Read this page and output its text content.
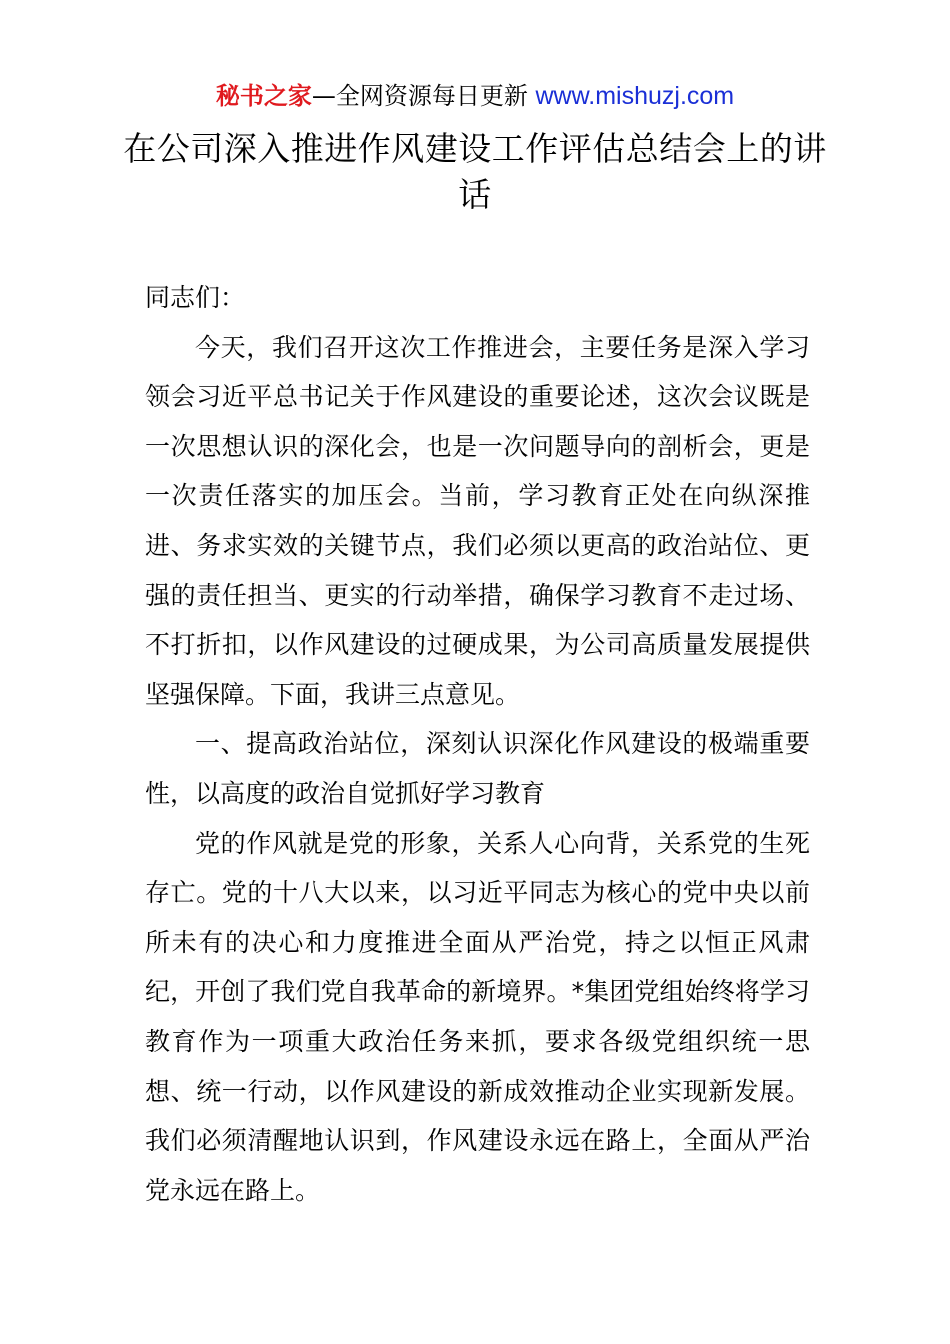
秘书之家—全网资源每日更新 www.mishuzj.com
在公司深入推进作风建设工作评估总结会上的讲话

同志们：

今天，我们召开这次工作推进会，主要任务是深入学习领会习近平总书记关于作风建设的重要论述，这次会议既是一次思想认识的深化会，也是一次问题导向的剖析会，更是一次责任落实的加压会。当前，学习教育正处在向纵深推进、务求实效的关键节点，我们必须以更高的政治站位、更强的责任担当、更实的行动举措，确保学习教育不走过场、不打折扣，以作风建设的过硬成果，为公司高质量发展提供坚强保障。下面，我讲三点意见。

一、提高政治站位，深刻认识深化作风建设的极端重要性，以高度的政治自觉抓好学习教育

党的作风就是党的形象，关系人心向背，关系党的生死存亡。党的十八大以来，以习近平同志为核心的党中央以前所未有的决心和力度推进全面从严治党，持之以恒正风肃纪，开创了我们党自我革命的新境界。*集团党组始终将学习教育作为一项重大政治任务来抓，要求各级党组织统一思想、统一行动，以作风建设的新成效推动企业实现新发展。我们必须清醒地认识到，作风建设永远在路上，全面从严治党永远在路上。
